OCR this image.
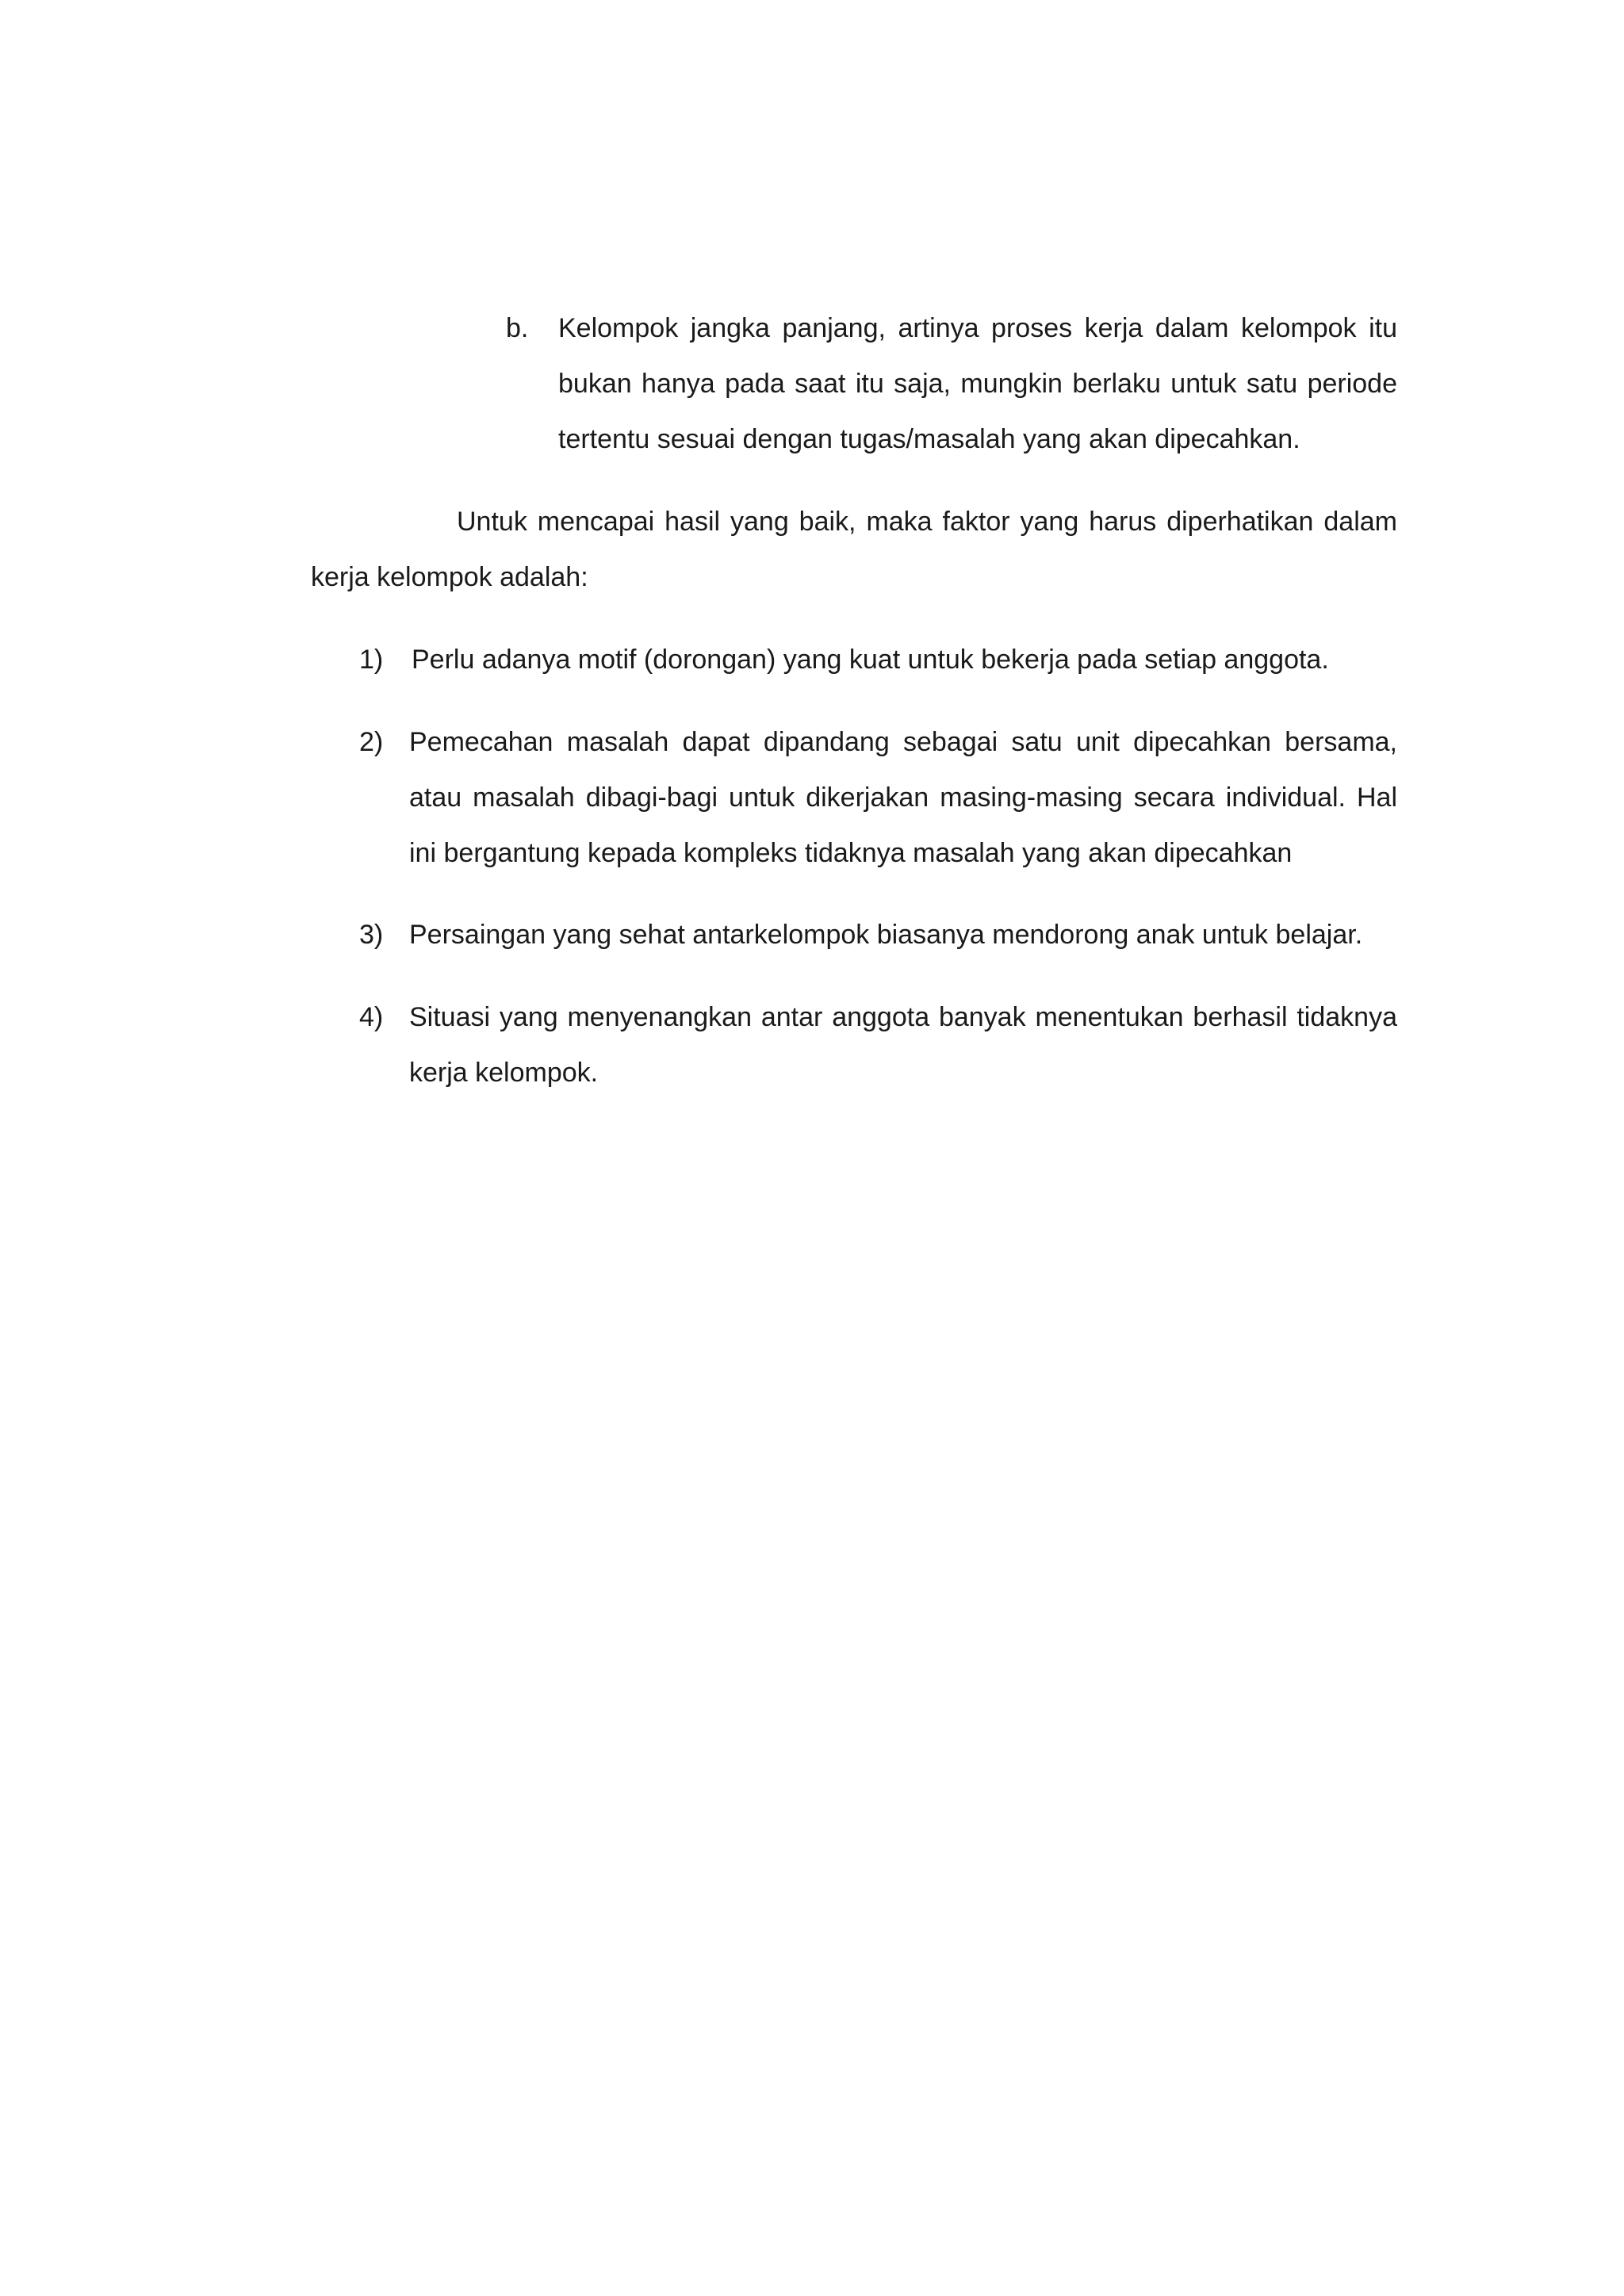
b. Kelompok jangka panjang, artinya proses kerja dalam kelompok itu bukan hanya pada saat itu saja, mungkin berlaku untuk satu periode tertentu sesuai dengan tugas/masalah yang akan dipecahkan.
Untuk mencapai hasil yang baik, maka faktor yang harus diperhatikan dalam kerja kelompok adalah:
1) Perlu adanya motif (dorongan) yang kuat untuk bekerja pada setiap anggota.
2) Pemecahan masalah dapat dipandang sebagai satu unit dipecahkan bersama, atau masalah dibagi-bagi untuk dikerjakan masing-masing secara individual. Hal ini bergantung kepada kompleks tidaknya masalah yang akan dipecahkan
3) Persaingan yang sehat antarkelompok biasanya mendorong anak untuk belajar.
4) Situasi yang menyenangkan antar anggota banyak menentukan berhasil tidaknya kerja kelompok.
